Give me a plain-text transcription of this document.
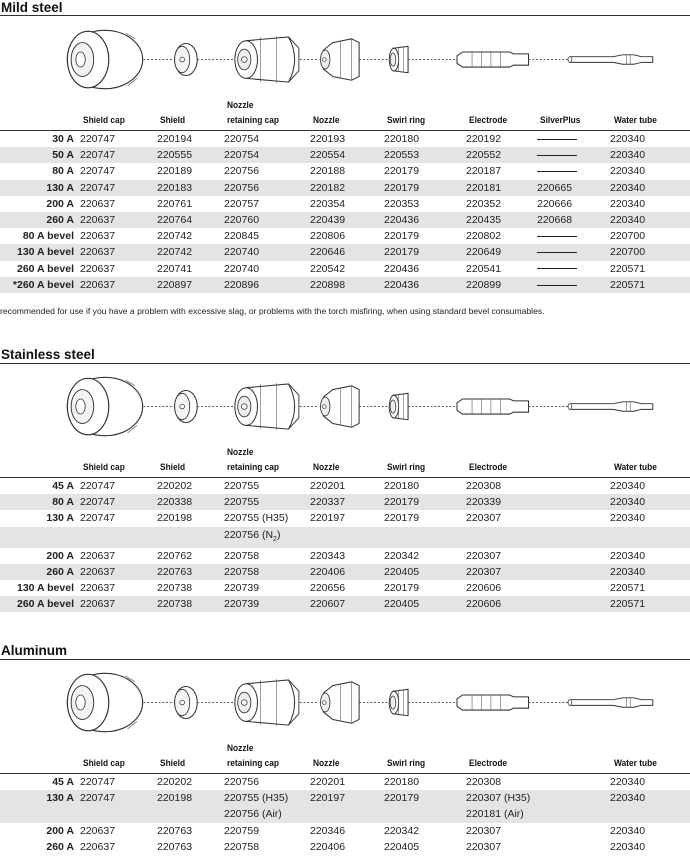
Mild steel
Shield cap	Shield
Nozzle
retaining cap	Nozzle	Swirl ring	Electrode	SilverPlus	Water tube
30 A	220747	220194	220754	220193	220180	220192		220340
50 A	220747	220555	220754	220554	220553	220552		220340
80 A	220747	220189	220756	220188	220179	220187		220340
130 A	220747	220183	220756	220182	220179	220181	220665	220340
200 A	220637	220761	220757	220354	220353	220352	220666	220340
260 A	220637	220764	220760	220439	220436	220435	220668	220340
80 A bevel	220637	220742	220845	220806	220179	220802		220700
130 A bevel	220637	220742	220740	220646	220179	220649		220700
260 A bevel	220637	220741	220740	220542	220436	220541		220571
*260 A bevel	220637	220897	220896	220898	220436	220899		220571
recommended for use if you have a problem with excessive slag, or problems with the torch misfiring, when using standard bevel consumables.
Stainless steel
Shield cap	Shield
Nozzle
retaining cap	Nozzle	Swirl ring	Electrode	Water tube
45 A	220747	220202	220755	220201	220180	220308		220340
80 A	220747	220338	220755	220337	220179	220339		220340
130 A	220747	220198	220755 (H35)	220197	220179	220307		220340
			220756 $(N_2)$					
200 A	220637	220762	220758	220343	220342	220307		220340
260 A	220637	220763	220758	220406	220405	220307		220340
130 A bevel	220637	220738	220739	220656	220179	220606		220571
260 A bevel	220637	220738	220739	220607	220405	220606		220571
Aluminum
Shield cap	Shield
Nozzle
retaining cap	Nozzle	Swirl ring	Electrode	Water tube
45 A	220747	220202	220756	220201	220180	220308		220340
130 A	220747	220198	220755 (H35)	220197	220179	220307 (H35)		220340
			220756 (Air)			220181 (Air)		
200 A	220637	220763	220759	220346	220342	220307		220340
260 A	220637	220763	220758	220406	220405	220307		220340
